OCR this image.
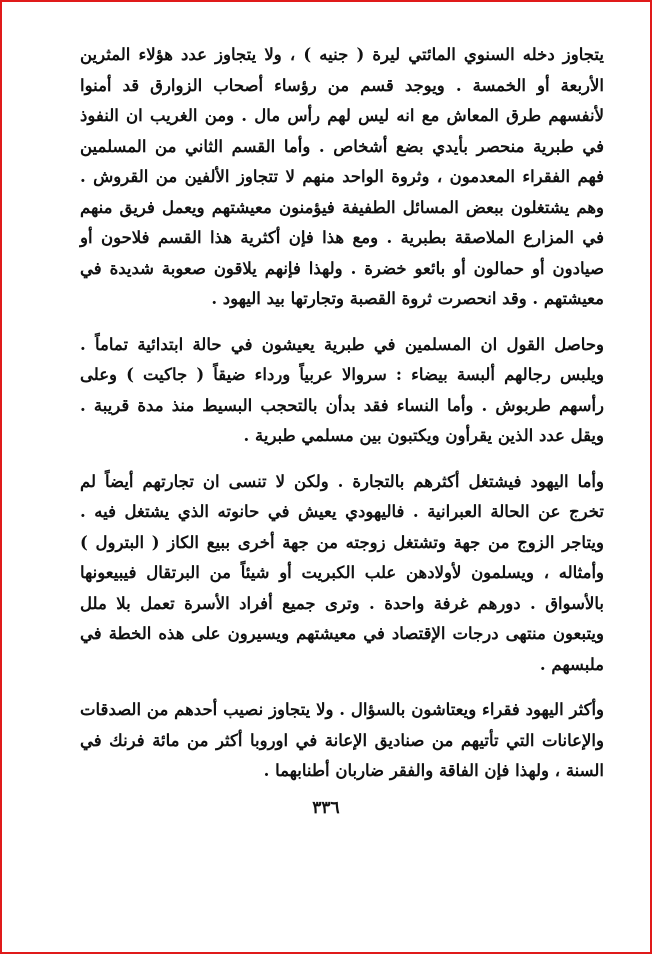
يتجاوز دخله السنوي المائتي ليرة ( جنيه ) ، ولا يتجاوز عدد هؤلاء المثرين الأربعة أو الخمسة . ويوجد قسم من رؤساء أصحاب الزوارق قد أمنوا لأنفسهم طرق المعاش مع انه ليس لهم رأس مال . ومن الغريب ان النفوذ في طبرية منحصر بأيدي بضع أشخاص . وأما القسم الثاني من المسلمين فهم الفقراء المعدمون ، وثروة الواحد منهم لا تتجاوز الألفين من القروش . وهم يشتغلون ببعض المسائل الطفيفة فيؤمنون معيشتهم ويعمل فريق منهم في المزارع الملاصقة بطبرية . ومع هذا فإن أكثرية هذا القسم فلاحون أو صيادون أو حمالون أو بائعو خضرة . ولهذا فإنهم يلاقون صعوبة شديدة في معيشتهم . وقد انحصرت ثروة القصبة وتجارتها بيد اليهود .

وحاصل القول ان المسلمين في طبرية يعيشون في حالة ابتدائية تماماً . ويلبس رجالهم ألبسة بيضاء : سروالا عربياً ورداء ضيقاً ( جاكيت ) وعلى رأسهم طربوش . وأما النساء فقد بدأن بالتحجب البسيط منذ مدة قريبة . ويقل عدد الذين يقرأون ويكتبون بين مسلمي طبرية .

وأما اليهود فيشتغل أكثرهم بالتجارة . ولكن لا تنسى ان تجارتهم أيضاً لم تخرج عن الحالة العبرانية . فاليهودي يعيش في حانوته الذي يشتغل فيه . ويتاجر الزوج من جهة وتشتغل زوجته من جهة أخرى ببيع الكاز ( البترول ) وأمثاله ، ويسلمون لأولادهن علب الكبريت أو شيئاً من البرتقال فيبيعونها بالأسواق . دورهم غرفة واحدة . وترى جميع أفراد الأسرة تعمل بلا ملل ويتبعون منتهى درجات الإقتصاد في معيشتهم ويسيرون على هذه الخطة في ملبسهم .

وأكثر اليهود فقراء ويعتاشون بالسؤال . ولا يتجاوز نصيب أحدهم من الصدقات والإعانات التي تأتيهم من صناديق الإعانة في اوروبا أكثر من مائة فرنك في السنة ، ولهذا فإن الفاقة والفقر ضاربان أطنابهما .

٣٣٦
